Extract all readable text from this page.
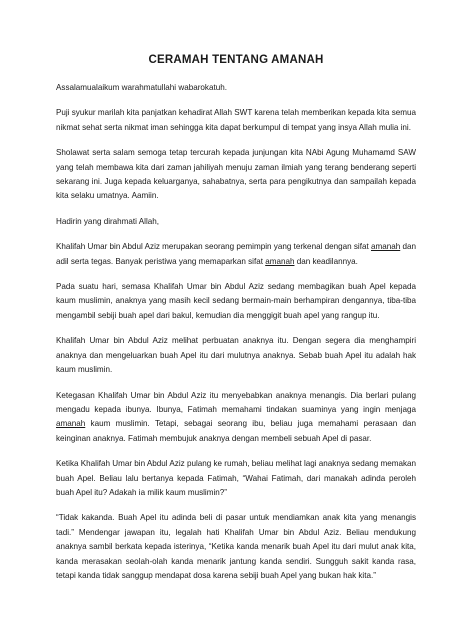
CERAMAH TENTANG AMANAH

Assalamualaikum warahmatullahi wabarokatuh.

Puji syukur marilah kita panjatkan kehadirat Allah SWT karena telah memberikan kepada kita semua nikmat sehat serta nikmat iman sehingga kita dapat berkumpul di tempat yang insya Allah mulia ini.

Sholawat serta salam semoga tetap tercurah kepada junjungan kita NAbi Agung Muhamamd SAW yang telah membawa kita dari zaman jahiliyah menuju zaman ilmiah yang terang benderang seperti sekarang ini. Juga kepada keluarganya, sahabatnya, serta para pengikutnya dan sampailah kepada kita selaku umatnya. Aamiin.

Hadirin yang dirahmati Allah,

Khalifah Umar bin Abdul Aziz merupakan seorang pemimpin yang terkenal dengan sifat amanah dan adil serta tegas. Banyak peristiwa yang memaparkan sifat amanah dan keadilannya.

Pada suatu hari, semasa Khalifah Umar bin Abdul Aziz sedang membagikan buah Apel kepada kaum muslimin, anaknya yang masih kecil sedang bermain-main berhampiran dengannya, tiba-tiba mengambil sebiji buah apel dari bakul, kemudian dia menggigit buah apel yang rangup itu.

Khalifah Umar bin Abdul Aziz melihat perbuatan anaknya itu. Dengan segera dia menghampiri anaknya dan mengeluarkan buah Apel itu dari mulutnya anaknya. Sebab buah Apel itu adalah hak kaum muslimin.

Ketegasan Khalifah Umar bin Abdul Aziz itu menyebabkan anaknya menangis. Dia berlari pulang mengadu kepada ibunya. Ibunya, Fatimah memahami tindakan suaminya yang ingin menjaga amanah kaum muslimin. Tetapi, sebagai seorang ibu, beliau juga memahami perasaan dan keinginan anaknya. Fatimah membujuk anaknya dengan membeli sebuah Apel di pasar.

Ketika Khalifah Umar bin Abdul Aziz pulang ke rumah, beliau melihat lagi anaknya sedang memakan buah Apel. Beliau lalu bertanya kepada Fatimah, “Wahai Fatimah, dari manakah adinda peroleh buah Apel itu? Adakah ia milik kaum muslimin?”

“Tidak kakanda. Buah Apel itu adinda beli di pasar untuk mendiamkan anak kita yang menangis tadi.” Mendengar jawapan itu, legalah hati Khalifah Umar bin Abdul Aziz. Beliau mendukung anaknya sambil berkata kepada isterinya, “Ketika kanda menarik buah Apel itu dari mulut anak kita, kanda merasakan seolah-olah kanda menarik jantung kanda sendiri. Sungguh sakit kanda rasa, tetapi kanda tidak sanggup mendapat dosa karena sebiji buah Apel yang bukan hak kita.”
